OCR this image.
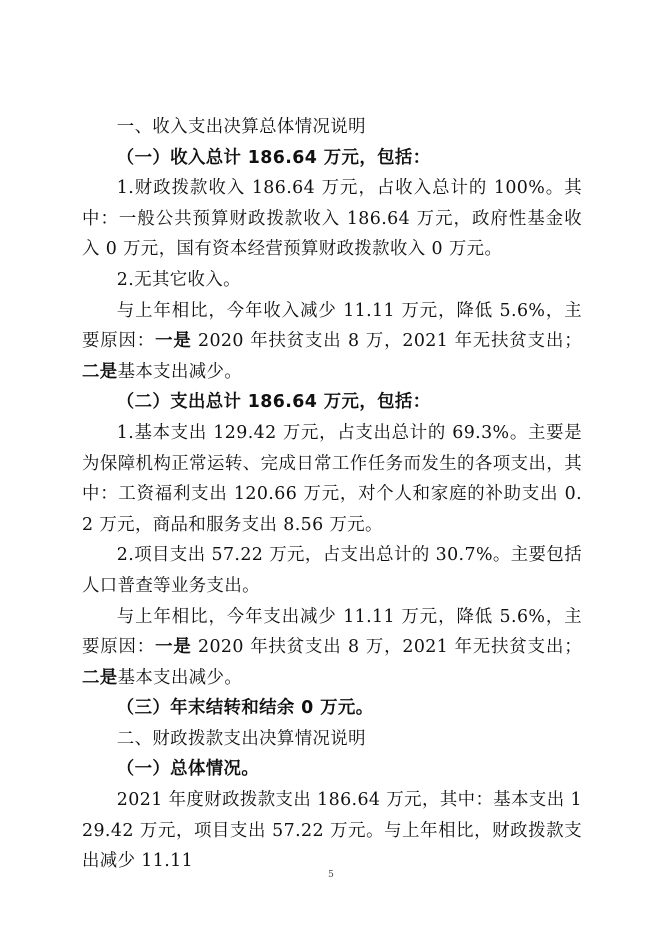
一、收入支出决算总体情况说明

（一）收入总计 186.64 万元，包括：

1.财政拨款收入 186.64 万元，占收入总计的 100%。其中：一般公共预算财政拨款收入 186.64 万元，政府性基金收入 0 万元，国有资本经营预算财政拨款收入 0 万元。

2.无其它收入。

与上年相比，今年收入减少 11.11 万元，降低 5.6%，主要原因：一是 2020 年扶贫支出 8 万，2021 年无扶贫支出；二是基本支出减少。

（二）支出总计 186.64 万元，包括：

1.基本支出 129.42 万元，占支出总计的 69.3%。主要是为保障机构正常运转、完成日常工作任务而发生的各项支出，其中：工资福利支出 120.66 万元，对个人和家庭的补助支出 0.2 万元，商品和服务支出 8.56 万元。

2.项目支出 57.22 万元，占支出总计的 30.7%。主要包括人口普查等业务支出。

与上年相比，今年支出减少 11.11 万元，降低 5.6%，主要原因：一是 2020 年扶贫支出 8 万，2021 年无扶贫支出；二是基本支出减少。

（三）年末结转和结余 0 万元。

二、财政拨款支出决算情况说明

（一）总体情况。

2021 年度财政拨款支出 186.64 万元，其中：基本支出 129.42 万元，项目支出 57.22 万元。与上年相比，财政拨款支出减少 11.11

5
